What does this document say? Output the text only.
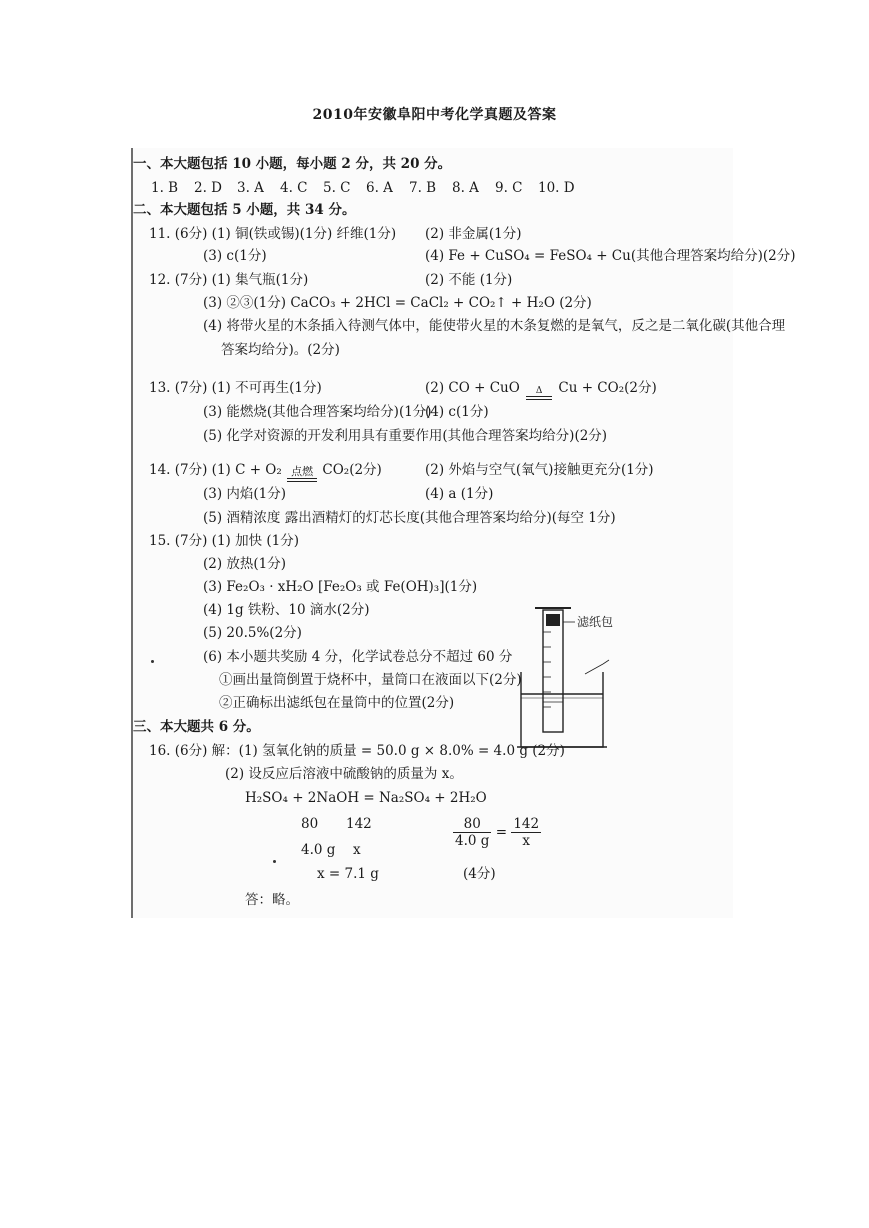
2010年安徽阜阳中考化学真题及答案
一、本大题包括 10 小题，每小题 2 分，共 20 分。
1. B 2. D 3. A 4. C 5. C 6. A 7. B 8. A 9. C 10. D
二、本大题包括 5 小题，共 34 分。
11. (6分) (1) 铜(铁或锡)(1分) 纤维(1分) (2) 非金属(1分)
(3) c(1分)	(4) Fe + CuSO₄ = FeSO₄ + Cu(其他合理答案均给分)(2分)
12. (7分) (1) 集气瓶(1分)	(2) 不能 (1分)
(3) ②③(1分) CaCO₃ + 2HCl = CaCl₂ + CO₂↑ + H₂O (2分)
(4) 将带火星的木条插入待测气体中，能使带火星的木条复燃的是氧气，反之是二氧化碳(其他合理
答案均给分)。(2分)
13. (7分) (1) 不可再生(1分)	(2) CO + CuO	Δ	Cu + CO₂(2分)
(3) 能燃烧(其他合理答案均给分)(1分)
(4) c(1分)
(5) 化学对资源的开发利用具有重要作用(其他合理答案均给分)(2分)
14. (7分) (1) C + O₂ 点燃 CO₂(2分)	(2) 外焰与空气(氧气)接触更充分(1分)
(3) 内焰(1分)	(4) a (1分)
(5) 酒精浓度 露出酒精灯的灯芯长度(其他合理答案均给分)(每空 1分)
15. (7分) (1) 加快 (1分)
(2) 放热(1分)
(3) Fe₂O₃ · xH₂O [Fe₂O₃ 或 Fe(OH)₃](1分)
(4) 1g 铁粉、10 滴水(2分)
(5) 20.5%(2分)
(6) 本小题共奖励 4 分，化学试卷总分不超过 60 分
①画出量筒倒置于烧杯中，量筒口在液面以下(2分)
②正确标出滤纸包在量筒中的位置(2分)
滤纸包
三、本大题共 6 分。
16. (6分) 解：(1) 氢氧化钠的质量 = 50.0 g × 8.0% = 4.0 g (2分)
(2) 设反应后溶液中硫酸钠的质量为 x。
H₂SO₄ + 2NaOH = Na₂SO₄ + 2H₂O
80 142
4.0 g x
$\frac{80}{4.0 g} = \frac{142}{x}$
x = 7.1 g	(4分)
答：略。
